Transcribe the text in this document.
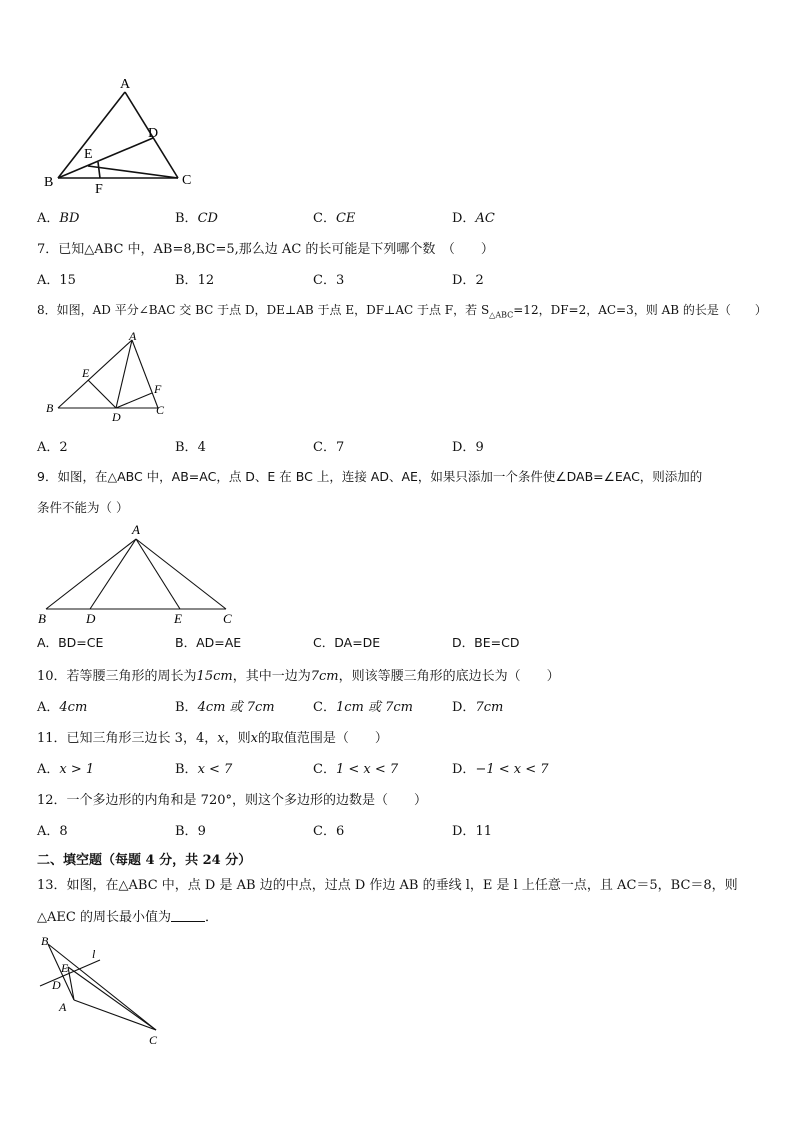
A
B	C
D
E
F
A．BD	B．CD	C．CE	D．AC
7．已知△ABC 中，AB=8,BC=5,那么边 AC 的长可能是下列哪个数　（　　）
A．15	B．12	C．3	D．2
8．如图，AD 平分∠BAC 交 BC 于点 D，DE⊥AB 于点 E，DF⊥AC 于点 F，若 $S_{\triangle ABC}=12$，DF=2，AC=3，则 AB 的长是（　　）
A
E
F
B
D	C
A．2	B．4	C．7	D．9
9．如图，在△ABC 中，AB=AC，点 D、E 在 BC 上，连接 AD、AE，如果只添加一个条件使∠DAB=∠EAC，则添加的
条件不能为（ ）
A
B	D	E	C
A．BD=CE	B．AD=AE	C．DA=DE	D．BE=CD
10．若等腰三角形的周长为15cm，其中一边为7cm，则该等腰三角形的底边长为（　　）
A．4cm	B．4cm 或 7cm	C．1cm 或 7cm	D．7cm
11．已知三角形三边长 3，4，x，则x的取值范围是（　　）
A．x > 1	B．x < 7	C．1 < x < 7	D．−1 < x < 7
12．一个多边形的内角和是 720°，则这个多边形的边数是（　　）
A．8	B．9	C．6	D．11
二、填空题（每题 4 分，共 24 分）
13．如图，在△ABC 中，点 D 是 AB 边的中点，过点 D 作边 AB 的垂线 l，E 是 l 上任意一点，且 AC＝5，BC＝8，则
△AEC 的周长最小值为	．
B
l
E
D
A
C
